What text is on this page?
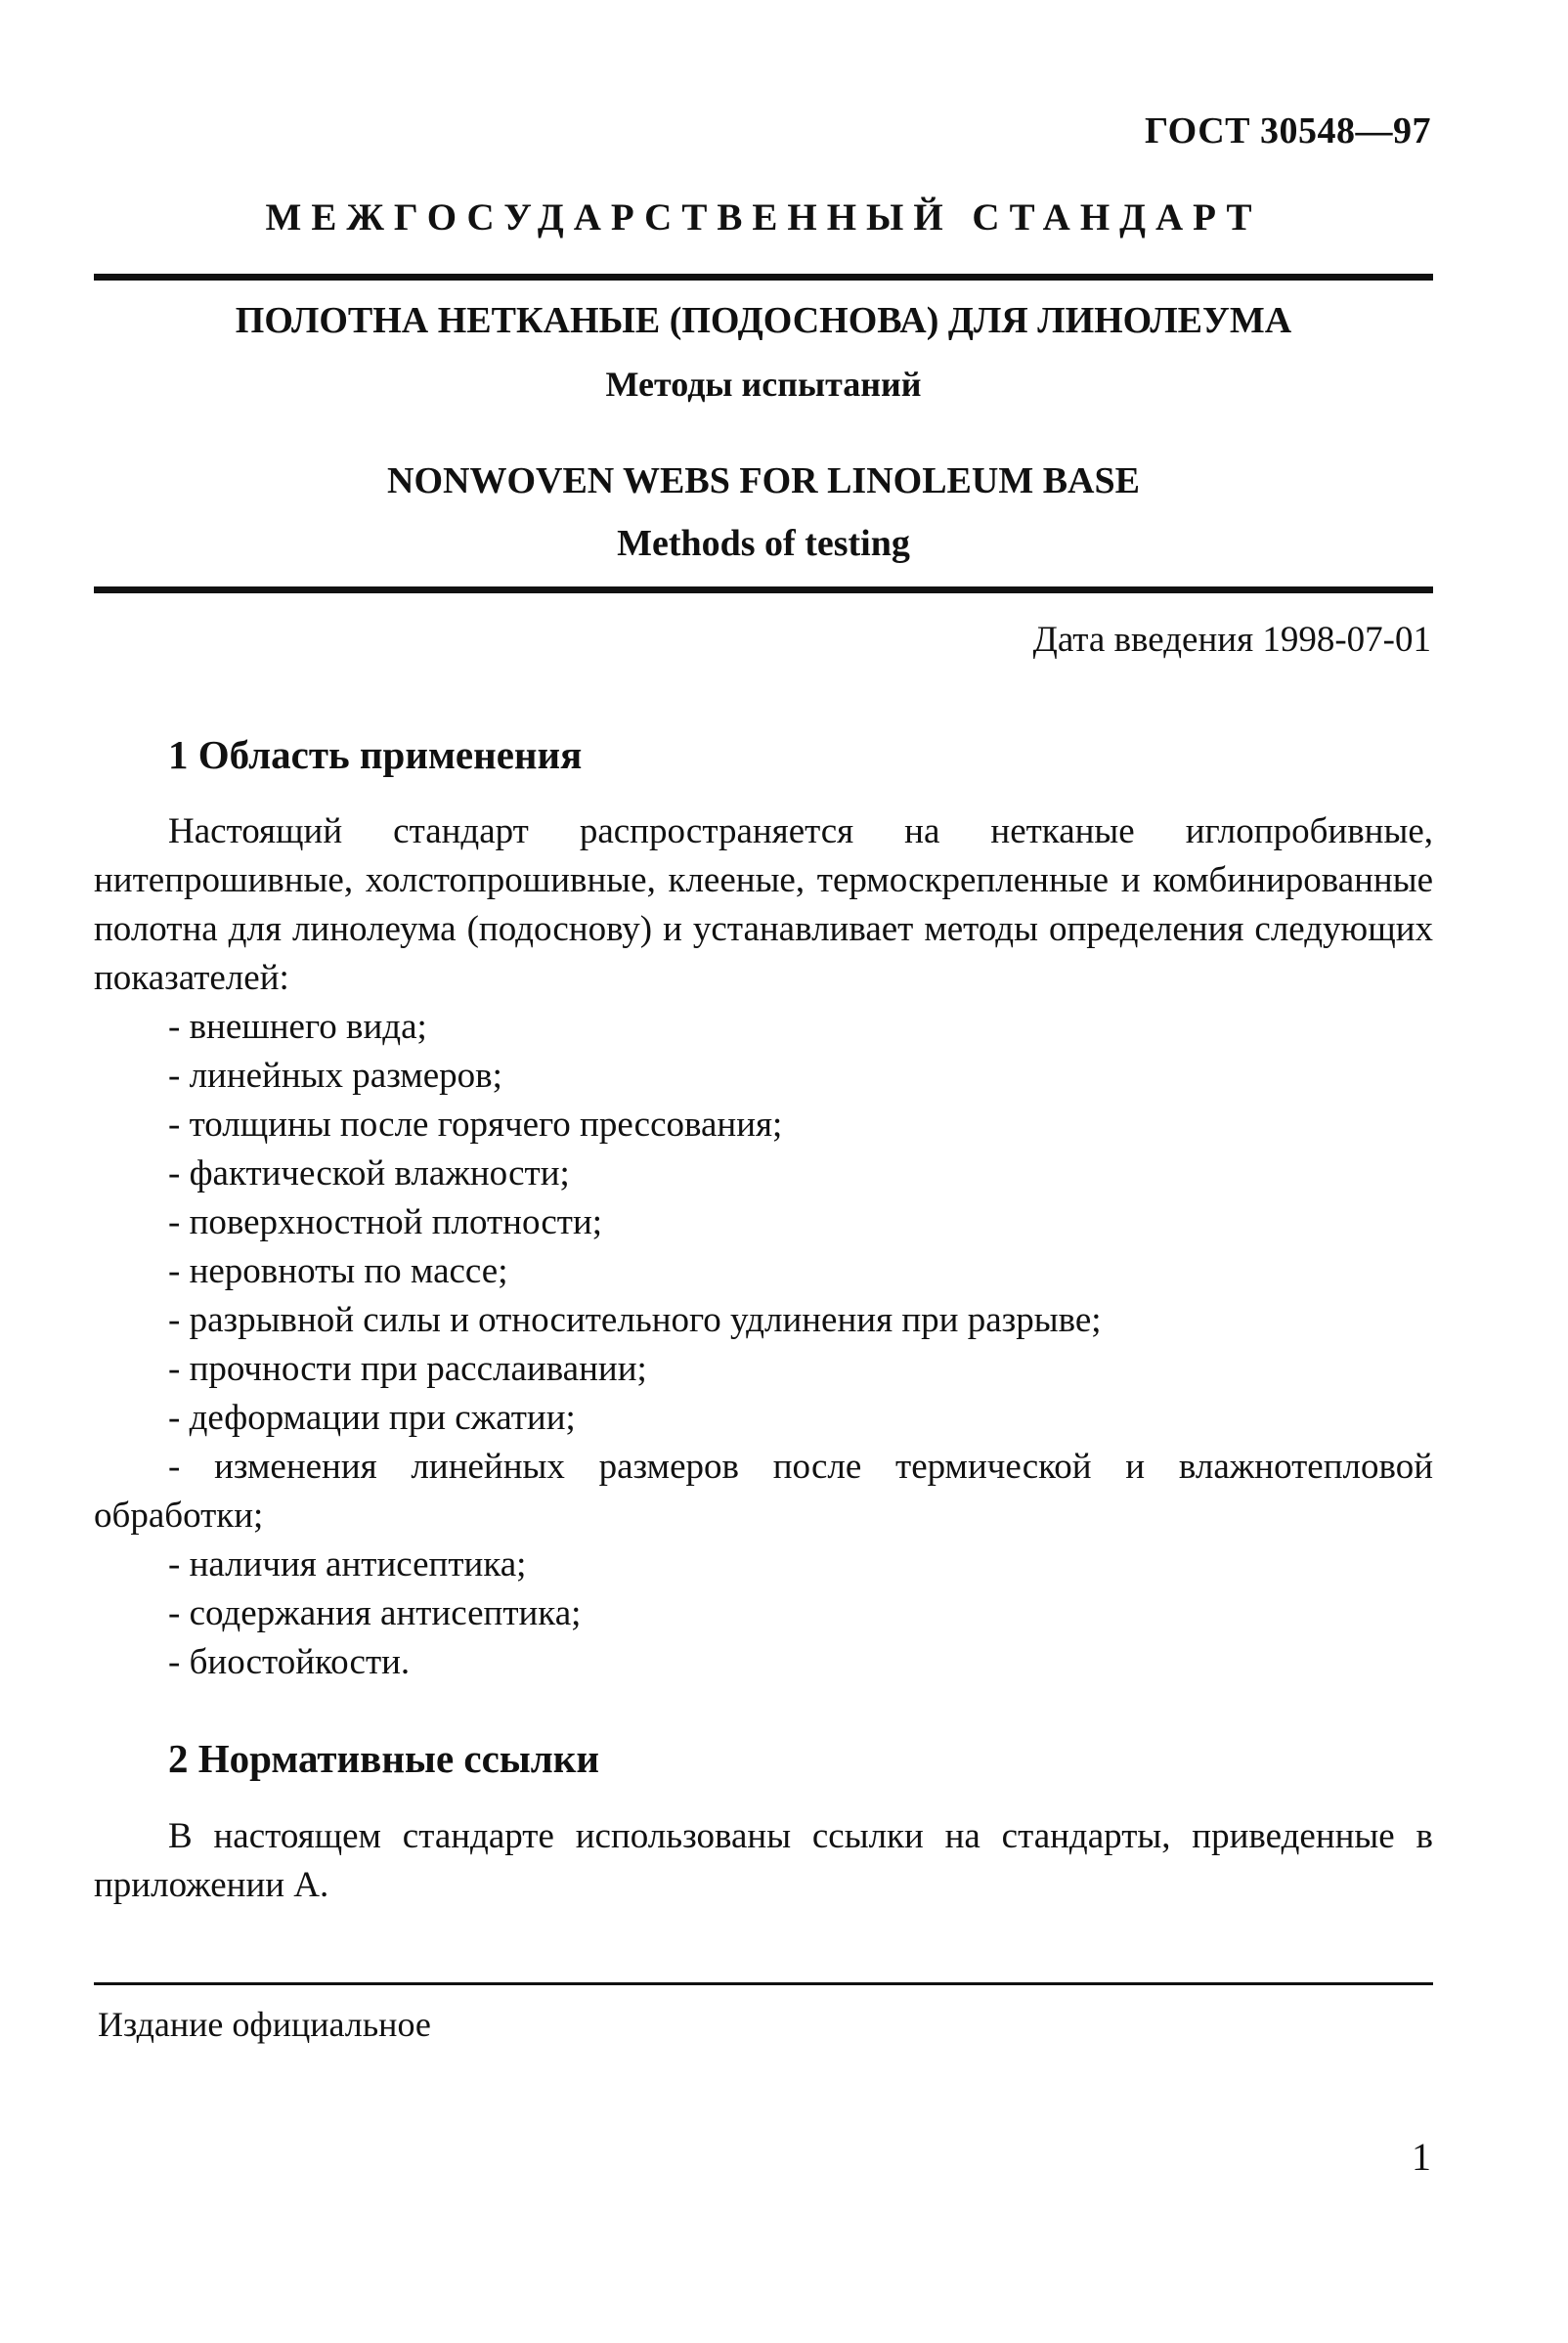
ГОСТ 30548—97
МЕЖГОСУДАРСТВЕННЫЙ СТАНДАРТ
ПОЛОТНА НЕТКАНЫЕ (ПОДОСНОВА) ДЛЯ ЛИНОЛЕУМА
Методы испытаний
NONWOVEN WEBS FOR LINOLEUM BASE
Methods of testing
Дата введения 1998-07-01
1 Область применения

Настоящий стандарт распространяется на нетканые иглопробивные, нитепрошивные, холстопрошивные, клееные, термоскрепленные и комбинированные полотна для линолеума (подоснову) и устанавливает методы определения следующих показателей:

- внешнего вида;
- линейных размеров;
- толщины после горячего прессования;
- фактической влажности;
- поверхностной плотности;
- неровноты по массе;
- разрывной силы и относительного удлинения при разрыве;
- прочности при расслаивании;
- деформации при сжатии;
- изменения линейных размеров после термической и влажнотепловой обработки;
- наличия антисептика;
- содержания антисептика;
- биостойкости.
2 Нормативные ссылки

В настоящем стандарте использованы ссылки на стандарты, приведенные в приложении А.

Издание официальное
1
